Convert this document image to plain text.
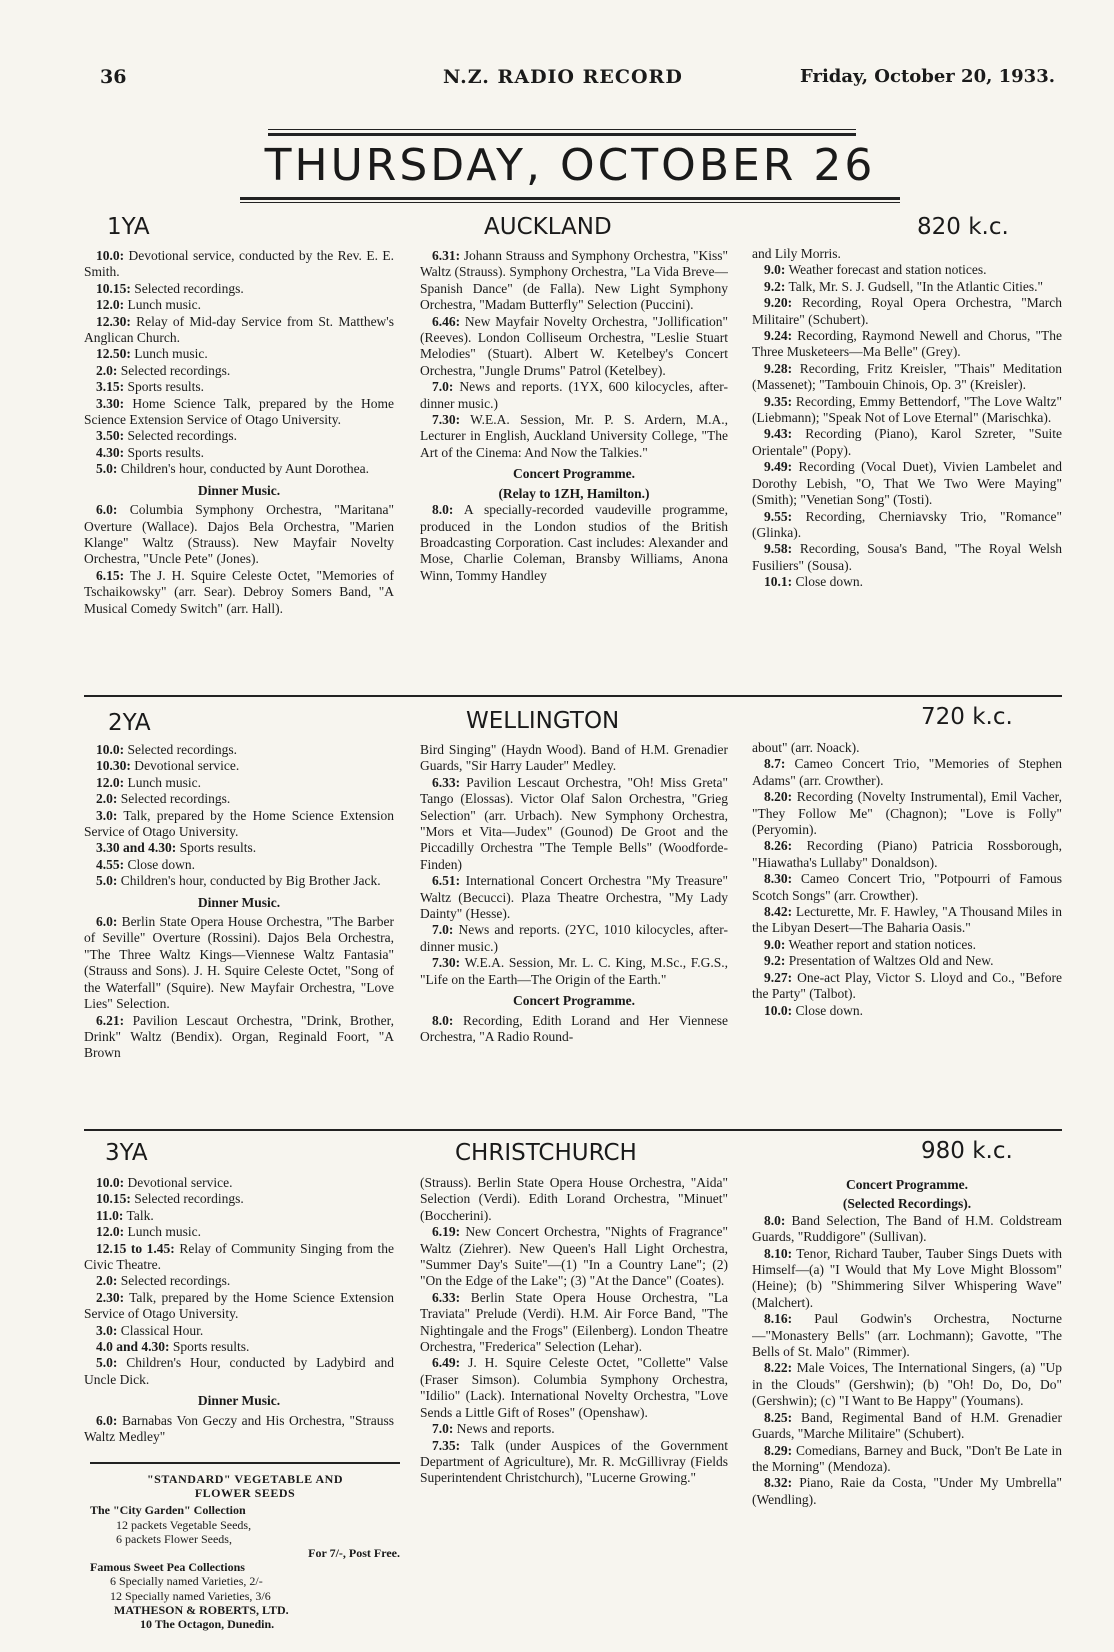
36	N.Z. RADIO RECORD	Friday, October 20, 1933.
THURSDAY, OCTOBER 26
1YA	AUCKLAND	820 k.c.

10.0: Devotional service, conducted by the Rev. E. E. Smith.

10.15: Selected recordings.

12.0: Lunch music.

12.30: Relay of Mid-day Service from St. Matthew's Anglican Church.

12.50: Lunch music.

2.0: Selected recordings.

3.15: Sports results.

3.30: Home Science Talk, prepared by the Home Science Extension Service of Otago University.

3.50: Selected recordings.

4.30: Sports results.

5.0: Children's hour, conducted by Aunt Dorothea.

Dinner Music.

6.0: Columbia Symphony Orchestra, "Maritana" Overture (Wallace). Dajos Bela Orchestra, "Marien Klange" Waltz (Strauss). New Mayfair Novelty Orchestra, "Uncle Pete" (Jones).

6.15: The J. H. Squire Celeste Octet, "Memories of Tschaikowsky" (arr. Sear). Debroy Somers Band, "A Musical Comedy Switch" (arr. Hall).

6.31: Johann Strauss and Symphony Orchestra, "Kiss" Waltz (Strauss). Symphony Orchestra, "La Vida Breve—Spanish Dance" (de Falla). New Light Symphony Orchestra, "Madam Butterfly" Selection (Puccini).

6.46: New Mayfair Novelty Orchestra, "Jollification" (Reeves). London Colliseum Orchestra, "Leslie Stuart Melodies" (Stuart). Albert W. Ketelbey's Concert Orchestra, "Jungle Drums" Patrol (Ketelbey).

7.0: News and reports. (1YX, 600 kilocycles, after-dinner music.)

7.30: W.E.A. Session, Mr. P. S. Ardern, M.A., Lecturer in English, Auckland University College, "The Art of the Cinema: And Now the Talkies."

Concert Programme.

(Relay to 1ZH, Hamilton.)

8.0: A specially-recorded vaudeville programme, produced in the London studios of the British Broadcasting Corporation. Cast includes: Alexander and Mose, Charlie Coleman, Bransby Williams, Anona Winn, Tommy Handley

and Lily Morris.

9.0: Weather forecast and station notices.

9.2: Talk, Mr. S. J. Gudsell, "In the Atlantic Cities."

9.20: Recording, Royal Opera Orchestra, "March Militaire" (Schubert).

9.24: Recording, Raymond Newell and Chorus, "The Three Musketeers—Ma Belle" (Grey).

9.28: Recording, Fritz Kreisler, "Thais" Meditation (Massenet); "Tambouin Chinois, Op. 3" (Kreisler).

9.35: Recording, Emmy Bettendorf, "The Love Waltz" (Liebmann); "Speak Not of Love Eternal" (Marischka).

9.43: Recording (Piano), Karol Szreter, "Suite Orientale" (Popy).

9.49: Recording (Vocal Duet), Vivien Lambelet and Dorothy Lebish, "O, That We Two Were Maying" (Smith); "Venetian Song" (Tosti).

9.55: Recording, Cherniavsky Trio, "Romance" (Glinka).

9.58: Recording, Sousa's Band, "The Royal Welsh Fusiliers" (Sousa).

10.1: Close down.

2YA	WELLINGTON	720 k.c.

10.0: Selected recordings.

10.30: Devotional service.

12.0: Lunch music.

2.0: Selected recordings.

3.0: Talk, prepared by the Home Science Extension Service of Otago University.

3.30 and 4.30: Sports results.

4.55: Close down.

5.0: Children's hour, conducted by Big Brother Jack.

Dinner Music.

6.0: Berlin State Opera House Orchestra, "The Barber of Seville" Overture (Rossini). Dajos Bela Orchestra, "The Three Waltz Kings—Viennese Waltz Fantasia" (Strauss and Sons). J. H. Squire Celeste Octet, "Song of the Waterfall" (Squire). New Mayfair Orchestra, "Love Lies" Selection.

6.21: Pavilion Lescaut Orchestra, "Drink, Brother, Drink" Waltz (Bendix). Organ, Reginald Foort, "A Brown

Bird Singing" (Haydn Wood). Band of H.M. Grenadier Guards, "Sir Harry Lauder" Medley.

6.33: Pavilion Lescaut Orchestra, "Oh! Miss Greta" Tango (Elossas). Victor Olaf Salon Orchestra, "Grieg Selection" (arr. Urbach). New Symphony Orchestra, "Mors et Vita—Judex" (Gounod) De Groot and the Piccadilly Orchestra "The Temple Bells" (Woodforde-Finden)

6.51: International Concert Orchestra "My Treasure" Waltz (Becucci). Plaza Theatre Orchestra, "My Lady Dainty" (Hesse).

7.0: News and reports. (2YC, 1010 kilocycles, after-dinner music.)

7.30: W.E.A. Session, Mr. L. C. King, M.Sc., F.G.S., "Life on the Earth—The Origin of the Earth."

Concert Programme.

8.0: Recording, Edith Lorand and Her Viennese Orchestra, "A Radio Round-

about" (arr. Noack).

8.7: Cameo Concert Trio, "Memories of Stephen Adams" (arr. Crowther).

8.20: Recording (Novelty Instrumental), Emil Vacher, "They Follow Me" (Chagnon); "Love is Folly" (Peryomin).

8.26: Recording (Piano) Patricia Rossborough, "Hiawatha's Lullaby" Donaldson).

8.30: Cameo Concert Trio, "Potpourri of Famous Scotch Songs" (arr. Crowther).

8.42: Lecturette, Mr. F. Hawley, "A Thousand Miles in the Libyan Desert—The Baharia Oasis."

9.0: Weather report and station notices.

9.2: Presentation of Waltzes Old and New.

9.27: One-act Play, Victor S. Lloyd and Co., "Before the Party" (Talbot).

10.0: Close down.

3YA	CHRISTCHURCH	980 k.c.

10.0: Devotional service.

10.15: Selected recordings.

11.0: Talk.

12.0: Lunch music.

12.15 to 1.45: Relay of Community Singing from the Civic Theatre.

2.0: Selected recordings.

2.30: Talk, prepared by the Home Science Extension Service of Otago University.

3.0: Classical Hour.

4.0 and 4.30: Sports results.

5.0: Children's Hour, conducted by Ladybird and Uncle Dick.

Dinner Music.

6.0: Barnabas Von Geczy and His Orchestra, "Strauss Waltz Medley"

(Strauss). Berlin State Opera House Orchestra, "Aida" Selection (Verdi). Edith Lorand Orchestra, "Minuet" (Boccherini).

6.19: New Concert Orchestra, "Nights of Fragrance" Waltz (Ziehrer). New Queen's Hall Light Orchestra, "Summer Day's Suite"—(1) "In a Country Lane"; (2) "On the Edge of the Lake"; (3) "At the Dance" (Coates).

6.33: Berlin State Opera House Orchestra, "La Traviata" Prelude (Verdi). H.M. Air Force Band, "The Nightingale and the Frogs" (Eilenberg). London Theatre Orchestra, "Frederica" Selection (Lehar).

6.49: J. H. Squire Celeste Octet, "Collette" Valse (Fraser Simson). Columbia Symphony Orchestra, "Idilio" (Lack). International Novelty Orchestra, "Love Sends a Little Gift of Roses" (Openshaw).

7.0: News and reports.

7.35: Talk (under Auspices of the Government Department of Agriculture), Mr. R. McGillivray (Fields Superintendent Christchurch), "Lucerne Growing."

Concert Programme.

(Selected Recordings).

8.0: Band Selection, The Band of H.M. Coldstream Guards, "Ruddigore" (Sullivan).

8.10: Tenor, Richard Tauber, Tauber Sings Duets with Himself—(a) "I Would that My Love Might Blossom" (Heine); (b) "Shimmering Silver Whispering Wave" (Malchert).

8.16: Paul Godwin's Orchestra, Nocturne—"Monastery Bells" (arr. Lochmann); Gavotte, "The Bells of St. Malo" (Rimmer).

8.22: Male Voices, The International Singers, (a) "Up in the Clouds" (Gershwin); (b) "Oh! Do, Do, Do" (Gershwin); (c) "I Want to Be Happy" (Youmans).

8.25: Band, Regimental Band of H.M. Grenadier Guards, "Marche Militaire" (Schubert).

8.29: Comedians, Barney and Buck, "Don't Be Late in the Morning" (Mendoza).

8.32: Piano, Raie da Costa, "Under My Umbrella" (Wendling).

"STANDARD" VEGETABLE AND FLOWER SEEDS

The "City Garden" Collection

12 packets Vegetable Seeds,

6 packets Flower Seeds,

For 7/-, Post Free.

Famous Sweet Pea Collections

6 Specially named Varieties, 2/-

12 Specially named Varieties, 3/6

MATHESON & ROBERTS, LTD.

10 The Octagon, Dunedin.
